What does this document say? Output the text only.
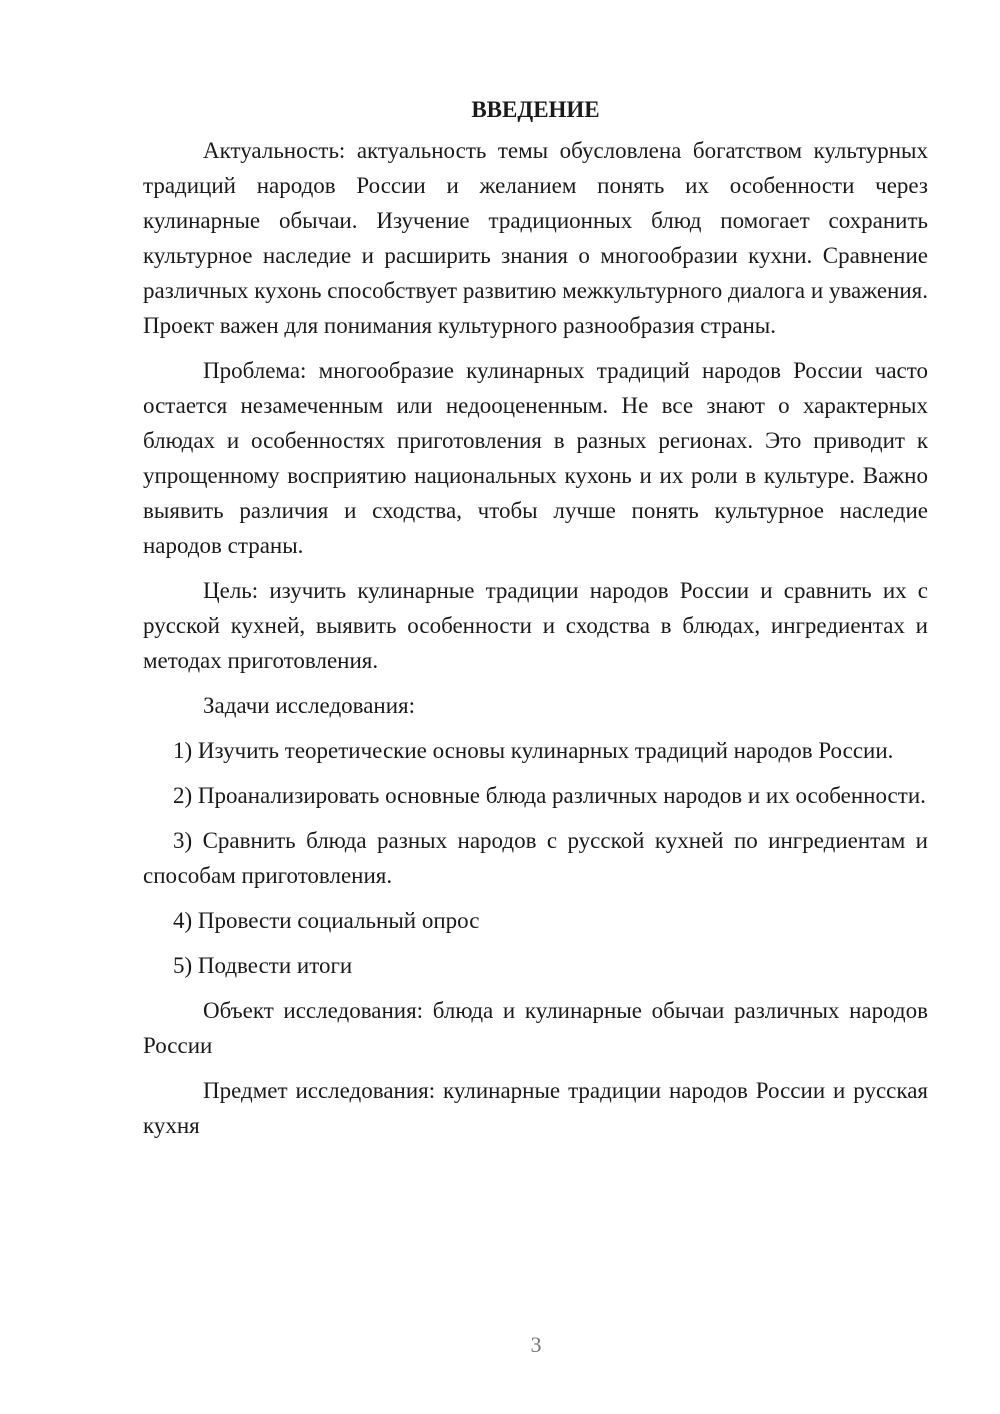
ВВЕДЕНИЕ

Актуальность: актуальность темы обусловлена богатством культурных традиций народов России и желанием понять их особенности через кулинарные обычаи. Изучение традиционных блюд помогает сохранить культурное наследие и расширить знания о многообразии кухни. Сравнение различных кухонь способствует развитию межкультурного диалога и уважения. Проект важен для понимания культурного разнообразия страны.

Проблема: многообразие кулинарных традиций народов России часто остается незамеченным или недооцененным. Не все знают о характерных блюдах и особенностях приготовления в разных регионах. Это приводит к упрощенному восприятию национальных кухонь и их роли в культуре. Важно выявить различия и сходства, чтобы лучше понять культурное наследие народов страны.

Цель: изучить кулинарные традиции народов России и сравнить их с русской кухней, выявить особенности и сходства в блюдах, ингредиентах и методах приготовления.

Задачи исследования:

1) Изучить теоретические основы кулинарных традиций народов России.

2) Проанализировать основные блюда различных народов и их особенности.

3) Сравнить блюда разных народов с русской кухней по ингредиентам и способам приготовления.

4) Провести социальный опрос

5) Подвести итоги

Объект исследования: блюда и кулинарные обычаи различных народов России

Предмет исследования: кулинарные традиции народов России и русская кухня

3
